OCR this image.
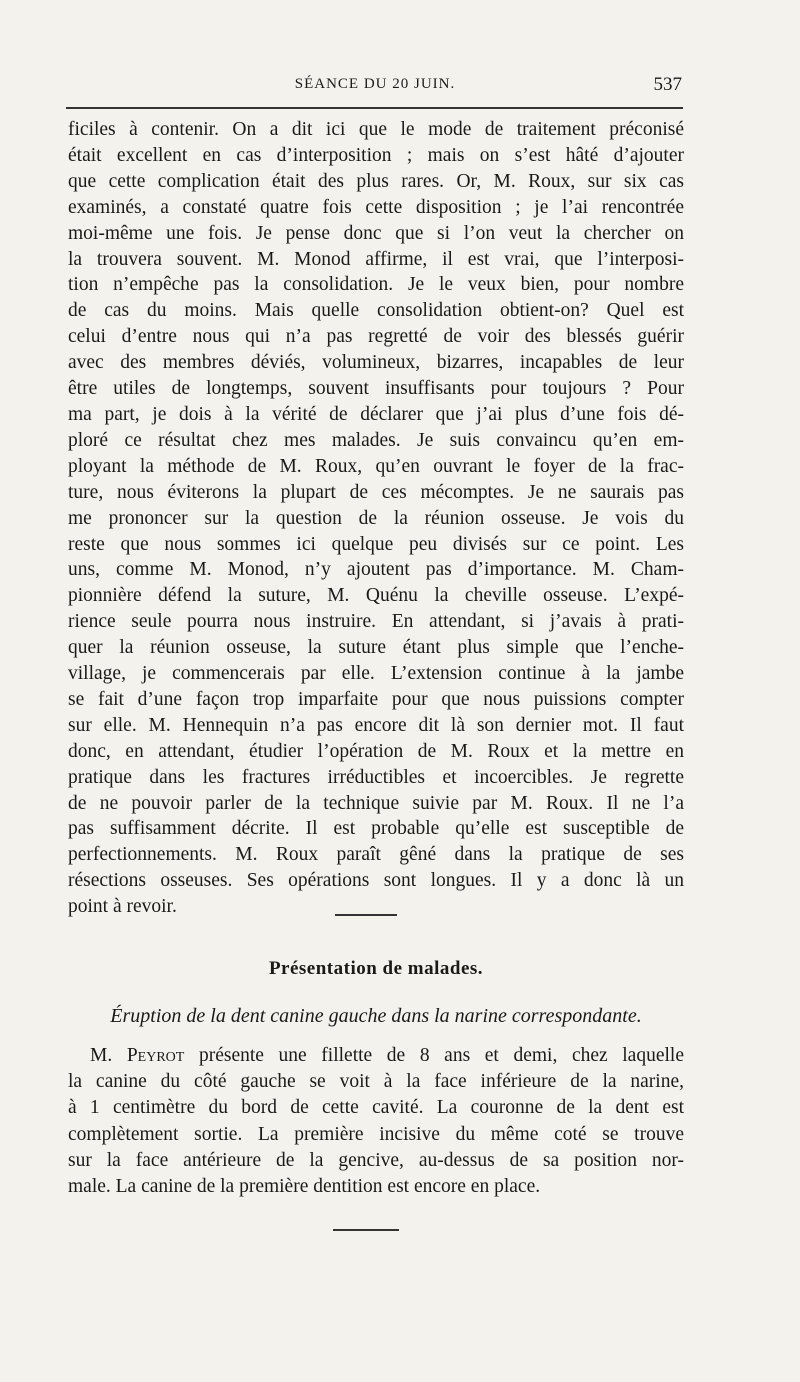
SÉANCE DU 20 JUIN.	537
ficiles à contenir. On a dit ici que le mode de traitement préconisé
était excellent en cas d’interposition ; mais on s’est hâté d’ajouter
que cette complication était des plus rares. Or, M. Roux, sur six cas
examinés, a constaté quatre fois cette disposition ; je l’ai rencontrée
moi-même une fois. Je pense donc que si l’on veut la chercher on
la trouvera souvent. M. Monod affirme, il est vrai, que l’interposi-
tion n’empêche pas la consolidation. Je le veux bien, pour nombre
de cas du moins. Mais quelle consolidation obtient-on? Quel est
celui d’entre nous qui n’a pas regretté de voir des blessés guérir
avec des membres déviés, volumineux, bizarres, incapables de leur
être utiles de longtemps, souvent insuffisants pour toujours ? Pour
ma part, je dois à la vérité de déclarer que j’ai plus d’une fois dé-
ploré ce résultat chez mes malades. Je suis convaincu qu’en em-
ployant la méthode de M. Roux, qu’en ouvrant le foyer de la frac-
ture, nous éviterons la plupart de ces mécomptes. Je ne saurais pas
me prononcer sur la question de la réunion osseuse. Je vois du
reste que nous sommes ici quelque peu divisés sur ce point. Les
uns, comme M. Monod, n’y ajoutent pas d’importance. M. Cham-
pionnière défend la suture, M. Quénu la cheville osseuse. L’expé-
rience seule pourra nous instruire. En attendant, si j’avais à prati-
quer la réunion osseuse, la suture étant plus simple que l’enche-
village, je commencerais par elle. L’extension continue à la jambe
se fait d’une façon trop imparfaite pour que nous puissions compter
sur elle. M. Hennequin n’a pas encore dit là son dernier mot. Il faut
donc, en attendant, étudier l’opération de M. Roux et la mettre en
pratique dans les fractures irréductibles et incoercibles. Je regrette
de ne pouvoir parler de la technique suivie par M. Roux. Il ne l’a
pas suffisamment décrite. Il est probable qu’elle est susceptible de
perfectionnements. M. Roux paraît gêné dans la pratique de ses
résections osseuses. Ses opérations sont longues. Il y a donc là un
point à revoir.
Présentation de malades.
Éruption de la dent canine gauche dans la narine correspondante.
M. Peyrot présente une fillette de 8 ans et demi, chez laquelle
la canine du côté gauche se voit à la face inférieure de la narine,
à 1 centimètre du bord de cette cavité. La couronne de la dent est
complètement sortie. La première incisive du même coté se trouve
sur la face antérieure de la gencive, au-dessus de sa position nor-
male. La canine de la première dentition est encore en place.
